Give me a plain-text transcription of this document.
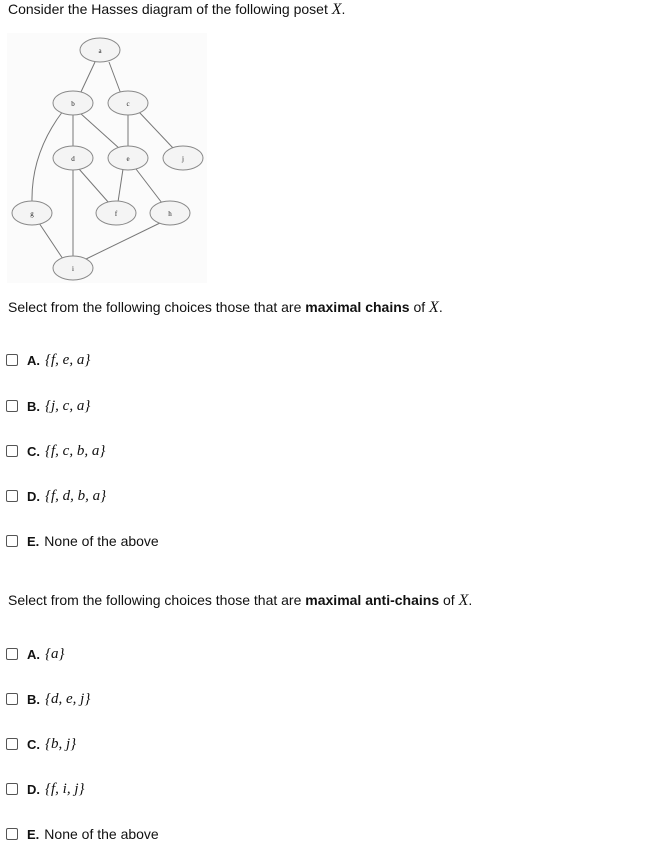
Consider the Hasses diagram of the following poset X.
a
b	c
d	e	j
g	f	h
i
Select from the following choices those that are maximal chains of X.
A. {f, e, a}
B. {j, c, a}
C. {f, c, b, a}
D. {f, d, b, a}
E. None of the above
Select from the following choices those that are maximal anti-chains of X.
A. {a}
B. {d, e, j}
C. {b, j}
D. {f, i, j}
E. None of the above
